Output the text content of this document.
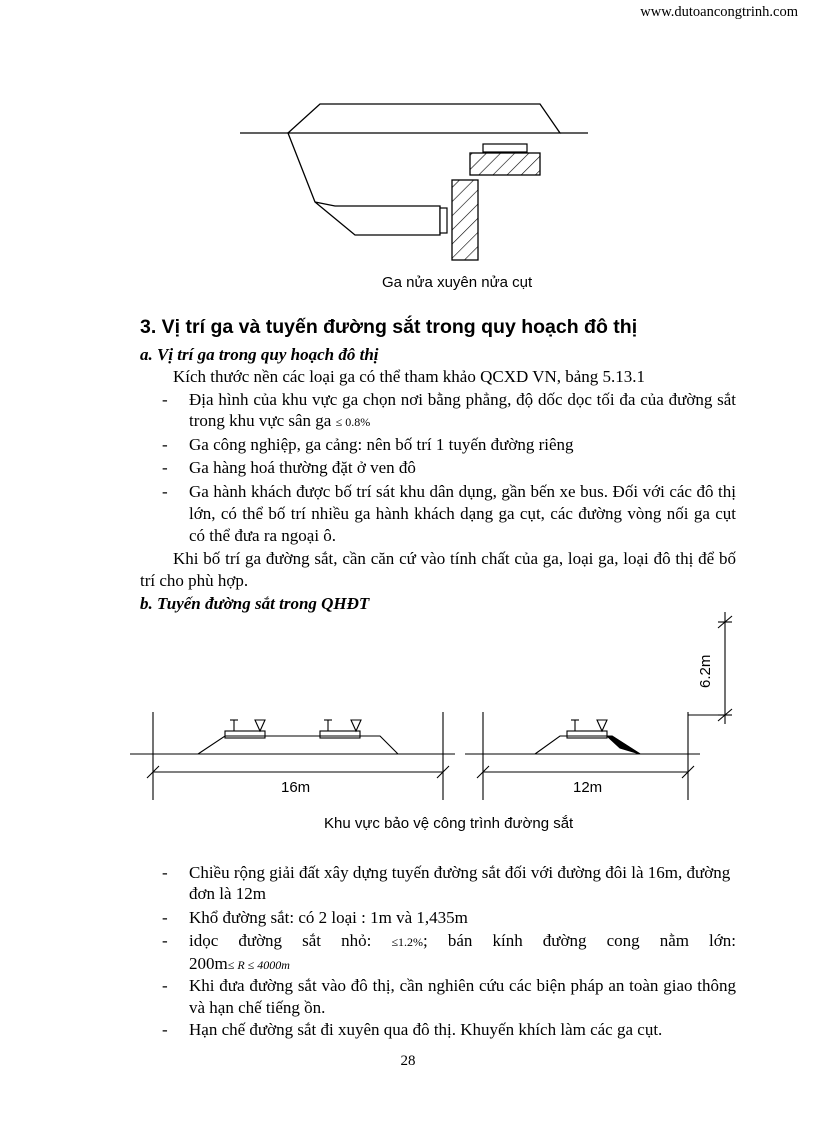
www.dutoancongtrinh.com
Ga nửa xuyên nửa cụt
3. Vị trí ga và tuyến đường sắt trong quy hoạch đô thị
a. Vị trí ga trong quy hoạch đô thị
Kích thước nền các loại ga có thể tham khảo QCXD VN, bảng 5.13.1
- Địa hình của khu vực ga chọn nơi bằng phẳng, độ dốc dọc tối đa của đường sắt trong khu vực sân ga ≤ 0.8%
- Ga công nghiệp, ga cảng: nên bố trí 1 tuyến đường riêng
- Ga hàng hoá thường đặt ở ven đô
- Ga hành khách được bố trí sát khu dân dụng, gần bến xe bus. Đối với các đô thị lớn, có thể bố trí nhiều ga hành khách dạng ga cụt, các đường vòng nối ga cụt có thể đưa ra ngoại ô.
Khi bố trí ga đường sắt, cần căn cứ vào tính chất của ga, loại ga, loại đô thị để bố trí cho phù hợp.
b. Tuyến đường sắt trong QHĐT
6.2m
16m	12m
Khu vực bảo vệ công trình đường sắt
- Chiều rộng giải đất xây dựng tuyến đường sắt đối với đường đôi là 16m, đường đơn là 12m
- Khổ đường sắt: có 2 loại : 1m và 1,435m
- idọc đường sắt nhỏ: ≤1.2%; bán kính đường cong nằm lớn:
200m≤ R ≤ 4000m
- Khi đưa đường sắt vào đô thị, cần nghiên cứu các biện pháp an toàn giao thông và hạn chế tiếng ồn.
- Hạn chế đường sắt đi xuyên qua đô thị. Khuyến khích làm các ga cụt.
28
